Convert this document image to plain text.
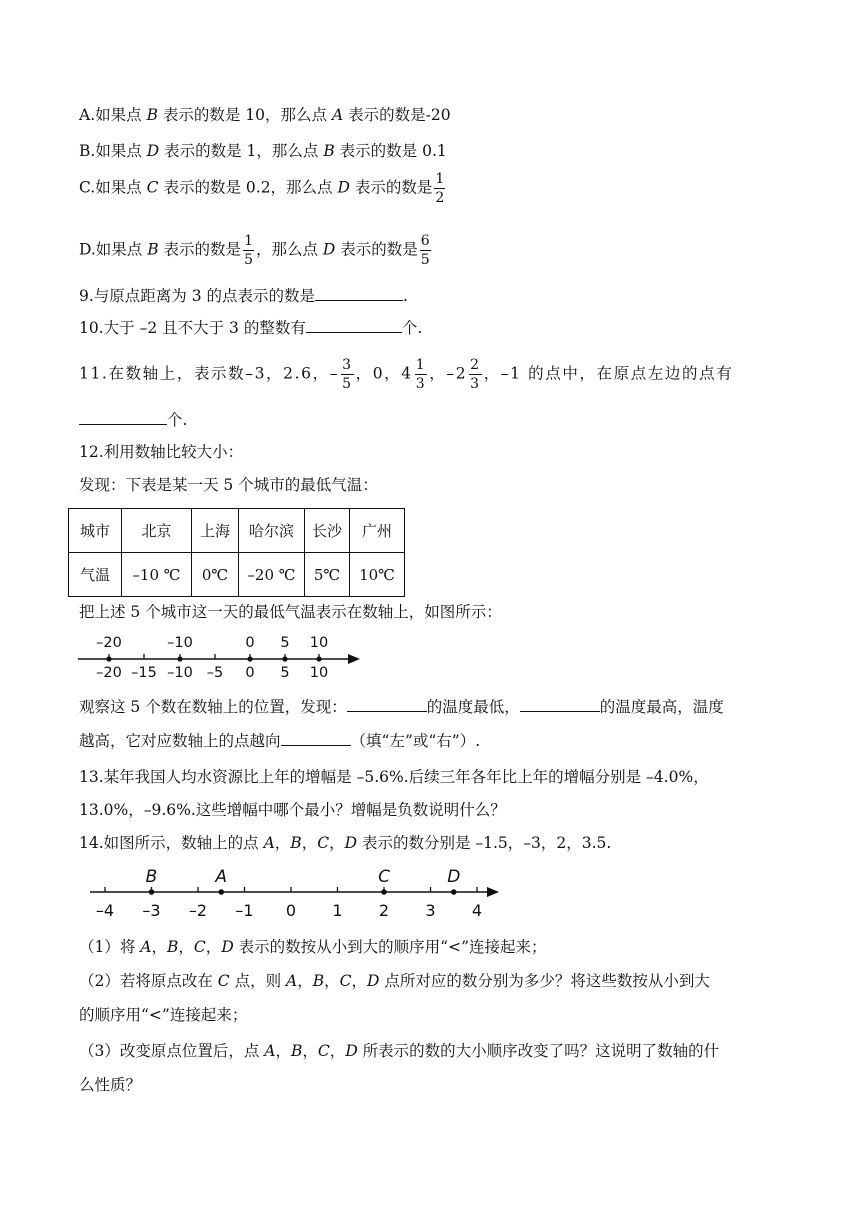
A.如果点 B 表示的数是 10，那么点 A 表示的数是-20
B.如果点 D 表示的数是 1，那么点 B 表示的数是 0.1
C.如果点 C 表示的数是 0.2，那么点 D 表示的数是 $\frac{1}{2}$
D.如果点 B 表示的数是 $\frac{1}{5}$ ，那么点 D 表示的数是 $\frac{6}{5}$
9.与原点距离为 3 的点表示的数是	.
10.大于 –2 且不大于 3 的整数有	个.
11.在数轴上，表示数–3，2.6，– $\frac{3}{5}$ ，0，$4 \frac{1}{3}$ ，$-2 \frac{2}{3}$ ，–1 的点中，在原点左边的点有
个.
12.利用数轴比较大小：
发现：下表是某一天 5 个城市的最低气温：
城市	北京	上海	哈尔滨	长沙	广州
气温	–10 ℃	0℃	–20 ℃	5℃	10℃
把上述 5 个城市这一天的最低气温表示在数轴上，如图所示：
–20	–10	0 5 10
–20 –15 –10 –5 0 5 10
观察这 5 个数在数轴上的位置，发现：	的温度最低，	的温度最高，温度
越高，它对应数轴上的点越向	（填“左”或“右”）.
13.某年我国人均水资源比上年的增幅是 –5.6%.后续三年各年比上年的增幅分别是 –4.0%，
13.0%，–9.6%.这些增幅中哪个最小？增幅是负数说明什么？
14.如图所示，数轴上的点 A，B，C，D 表示的数分别是 –1.5，–3，2，3.5.
–4 –3 –2 –1 0 1 2 3 4
B	A	C	D
（1）将 A，B，C，D 表示的数按从小到大的顺序用“<”连接起来；
（2）若将原点改在 C 点，则 A，B，C，D 点所对应的数分别为多少？将这些数按从小到大
的顺序用“<”连接起来；
（3）改变原点位置后，点 A，B，C，D 所表示的数的大小顺序改变了吗？这说明了数轴的什
么性质？
